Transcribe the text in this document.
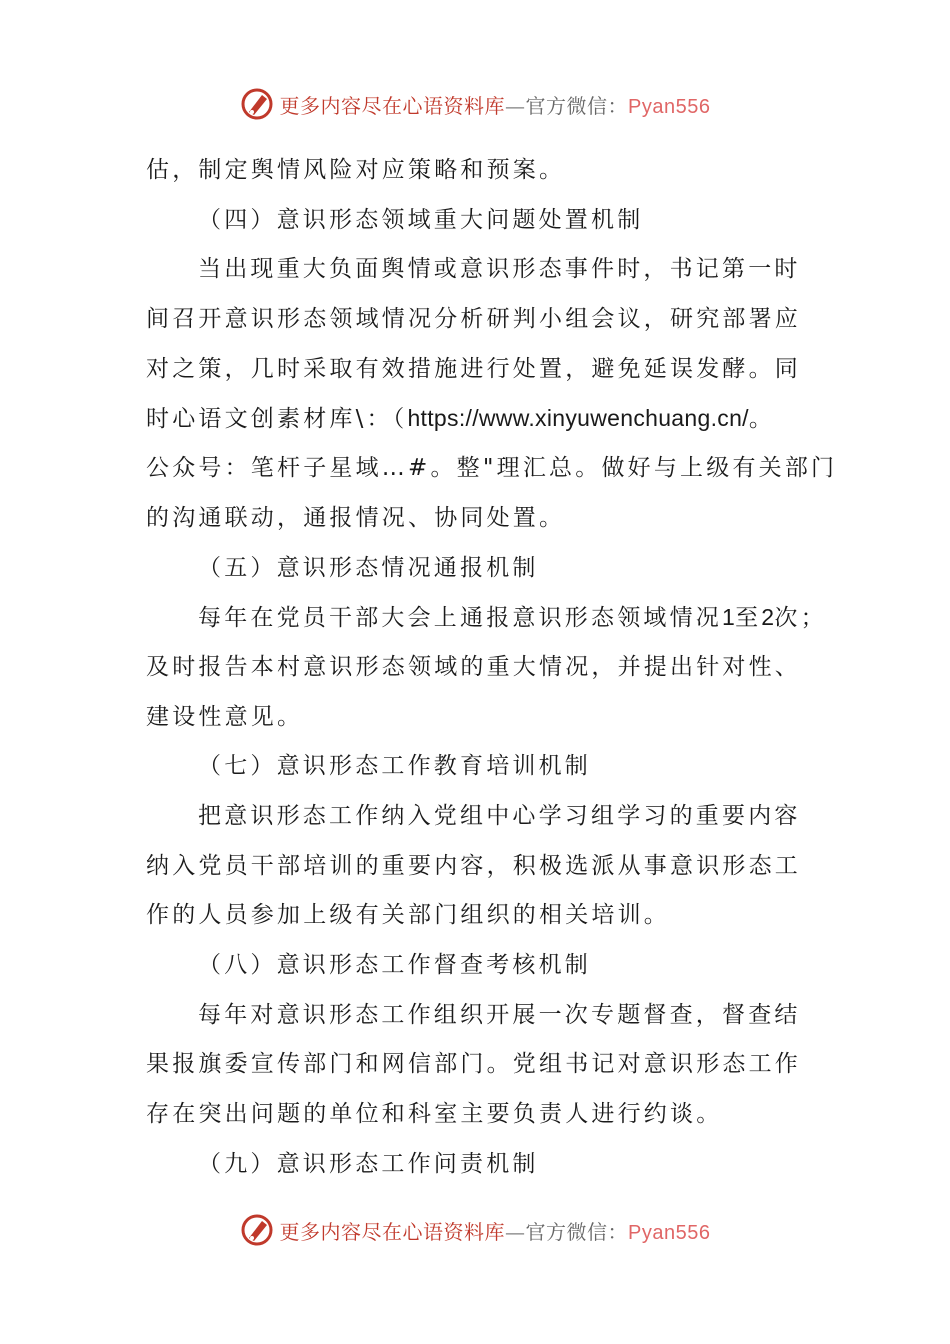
更多内容尽在心语资料库—官方微信：Pyan556
估，制定舆情风险对应策略和预案。
（四）意识形态领域重大问题处置机制
当出现重大负面舆情或意识形态事件时，书记第一时
间召开意识形态领域情况分析研判小组会议，研究部署应
对之策，几时采取有效措施进行处置，避免延误发酵。同
时心语文创素材库\：（https://www.xinyuwenchuang.cn/。
公众号：笔杆子星域…#。整"理汇总。做好与上级有关部门
的沟通联动，通报情况、协同处置。
（五）意识形态情况通报机制
每年在党员干部大会上通报意识形态领域情况1至2次；
及时报告本村意识形态领域的重大情况，并提出针对性、
建设性意见。
（七）意识形态工作教育培训机制
把意识形态工作纳入党组中心学习组学习的重要内容
纳入党员干部培训的重要内容，积极选派从事意识形态工
作的人员参加上级有关部门组织的相关培训。
（八）意识形态工作督查考核机制
每年对意识形态工作组织开展一次专题督查，督查结
果报旗委宣传部门和网信部门。党组书记对意识形态工作
存在突出问题的单位和科室主要负责人进行约谈。
（九）意识形态工作问责机制
更多内容尽在心语资料库—官方微信：Pyan556
